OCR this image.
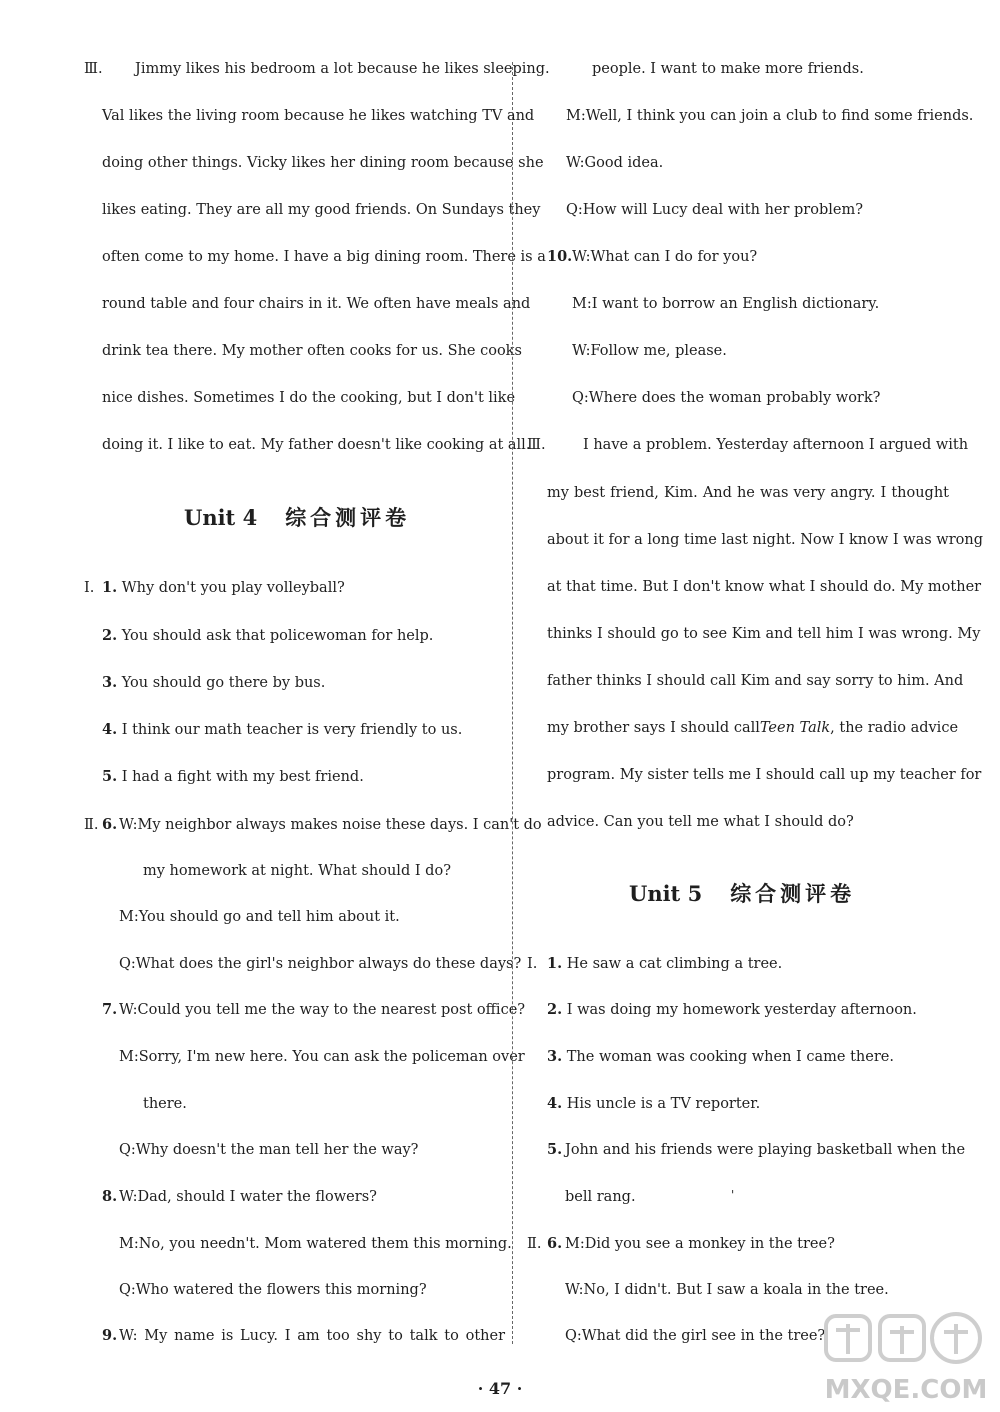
Ⅲ. Jimmy likes his bedroom a lot because he likes sleeping.
Val likes the living room because he likes watching TV and
doing other things. Vicky likes her dining room because she
likes eating. They are all my good friends. On Sundays they
often come to my home. I have a big dining room. There is a
round table and four chairs in it. We often have meals and
drink tea there. My mother often cooks for us. She cooks
nice dishes. Sometimes I do the cooking, but I don't like
doing it. I like to eat. My father doesn't like cooking at all.
Unit 4 综合测评卷
Ⅰ. 1. Why don't you play volleyball?
2. You should ask that policewoman for help.
3. You should go there by bus.
4. I think our math teacher is very friendly to us.
5. I had a fight with my best friend.
Ⅱ. 6. W:My neighbor always makes noise these days. I can't do
my homework at night. What should I do?
M:You should go and tell him about it.
Q:What does the girl's neighbor always do these days?
7. W:Could you tell me the way to the nearest post office?
M:Sorry, I'm new here. You can ask the policeman over
there.
Q:Why doesn't the man tell her the way?
8. W:Dad, should I water the flowers?
M:No, you needn't. Mom watered them this morning.
Q:Who watered the flowers this morning?
9. W: My name is Lucy. I am too shy to talk to other
people. I want to make more friends.
M:Well, I think you can join a club to find some friends.
W:Good idea.
Q:How will Lucy deal with her problem?
10. W:What can I do for you?
M:I want to borrow an English dictionary.
W:Follow me, please.
Q:Where does the woman probably work?
Ⅲ.	I have a problem. Yesterday afternoon I argued with
my best friend, Kim. And he was very angry. I thought
about it for a long time last night. Now I know I was wrong
at that time. But I don't know what I should do. My mother
thinks I should go to see Kim and tell him I was wrong. My
father thinks I should call Kim and say sorry to him. And
my brother says I should call Teen Talk, the radio advice
program. My sister tells me I should call up my teacher for
advice. Can you tell me what I should do?
Unit 5 综合测评卷
Ⅰ. 1. He saw a cat climbing a tree.
2. I was doing my homework yesterday afternoon.
3. The woman was cooking when I came there.
4. His uncle is a TV reporter.
5. John and his friends were playing basketball when the
bell rang.	'
Ⅱ. 6. M:Did you see a monkey in the tree?
W:No, I didn't. But I saw a koala in the tree.
Q:What did the girl see in the tree?
· 47 ·	MXQE.COM
